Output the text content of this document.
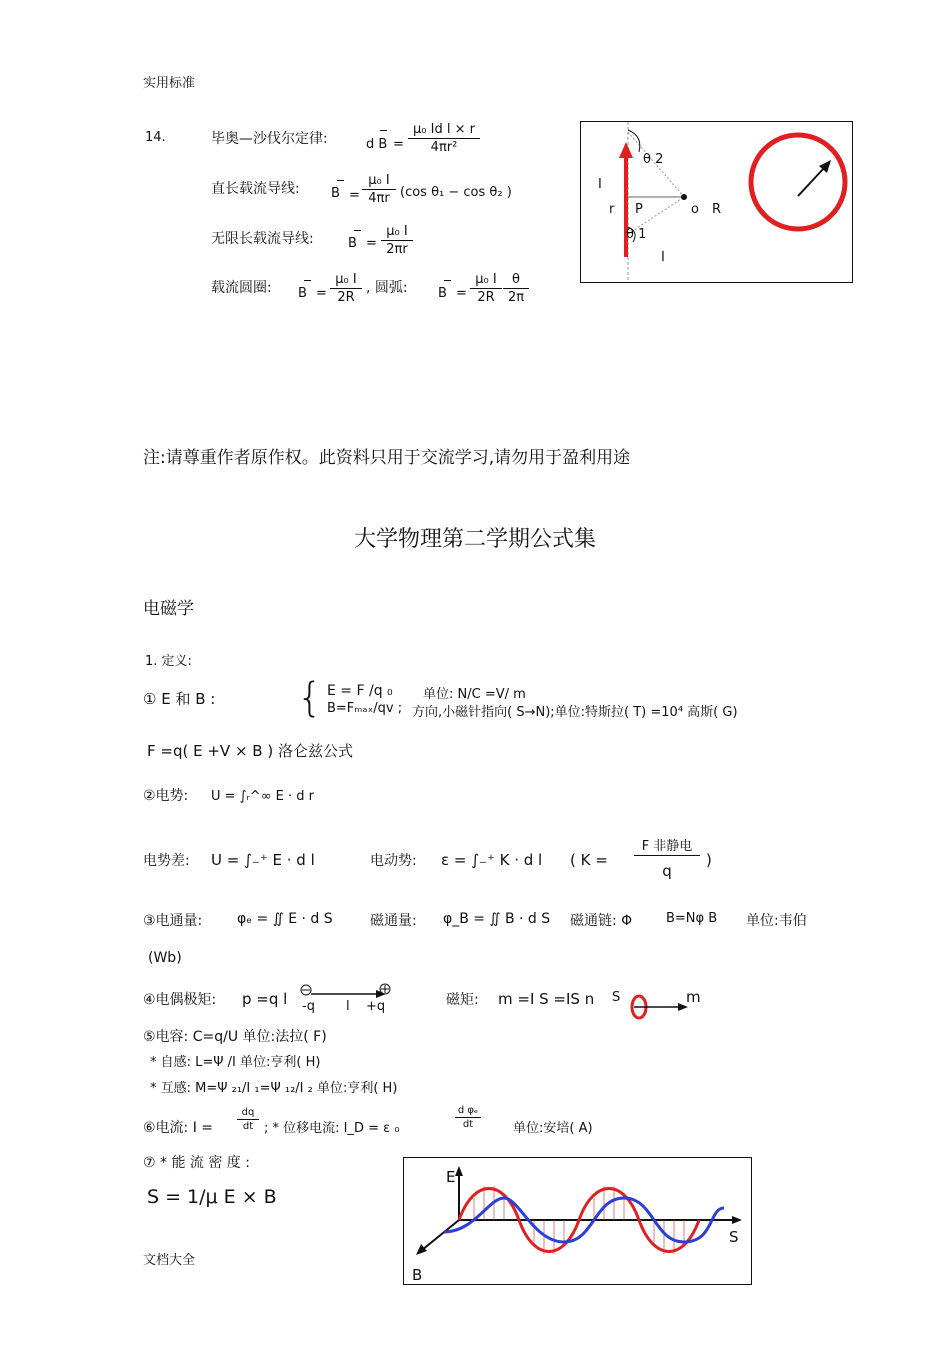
实用标准
14.	毕奥—沙伐尔定律:	d $B = \frac{\text{μ₀ Id l × r}}{\text{4πr²}}$
直长载流导线: $B = \frac{\text{μ₀ I}}{4\pi r} (\cos$ θ₁ − cos θ₂ )
无限长载流导线:	$B = \frac{\text{μ₀ I}}{2\pi r}$
载流圆圈: $B = \frac{\text{μ₀ I}}{2R}$ , 圆弧: $B = \frac{\text{μ₀ I}}{2R} \frac{\theta}{2\pi}$
θ 2
θ 1
I
r P	o R
I
注:请尊重作者原作权。此资料只用于交流学习,请勿用于盈利用途
大学物理第二学期公式集
电磁学
1. 定义:
① E 和 B : { E = F /q ₀ 单位: N/C =V/ m
B=Fₘₐₓ/qv ; 方向,小磁针指向( S→N);单位:特斯拉( T) =10⁴ 高斯( G)
F =q( E +V × B ) 洛仑兹公式
②电势: U = ∫ᵣ^∞ E · d r
电势差: U = ∫₋⁺ E · d l	电动势: ε = ∫₋⁺ K · d l ( K =
F 非静电
q
)
③电通量: φₑ = ∬ E · d S	磁通量: φ_B = ∬ B · d S 磁通链: Φ	B=Nφ B 单位:韦伯
(Wb)
④电偶极矩: p =q l -q l +q	磁矩: m =I S =IS n S	m
⑤电容: C=q/U 单位:法拉( F)
* 自感: L=Ψ /I 单位:亨利( H)
* 互感: M=Ψ ₂₁/I ₁=Ψ ₁₂/I ₂ 单位:亨利( H)
⑥电流: $I = \frac{dq}{dt}$ ; * 位移电流: I_D = ε ₀	$\frac{\text{d φₑ}}{dt}$ 单位:安培( A)
⑦ * 能 流 密 度 :
S = 1/μ E × B
E
S
B
文档大全
